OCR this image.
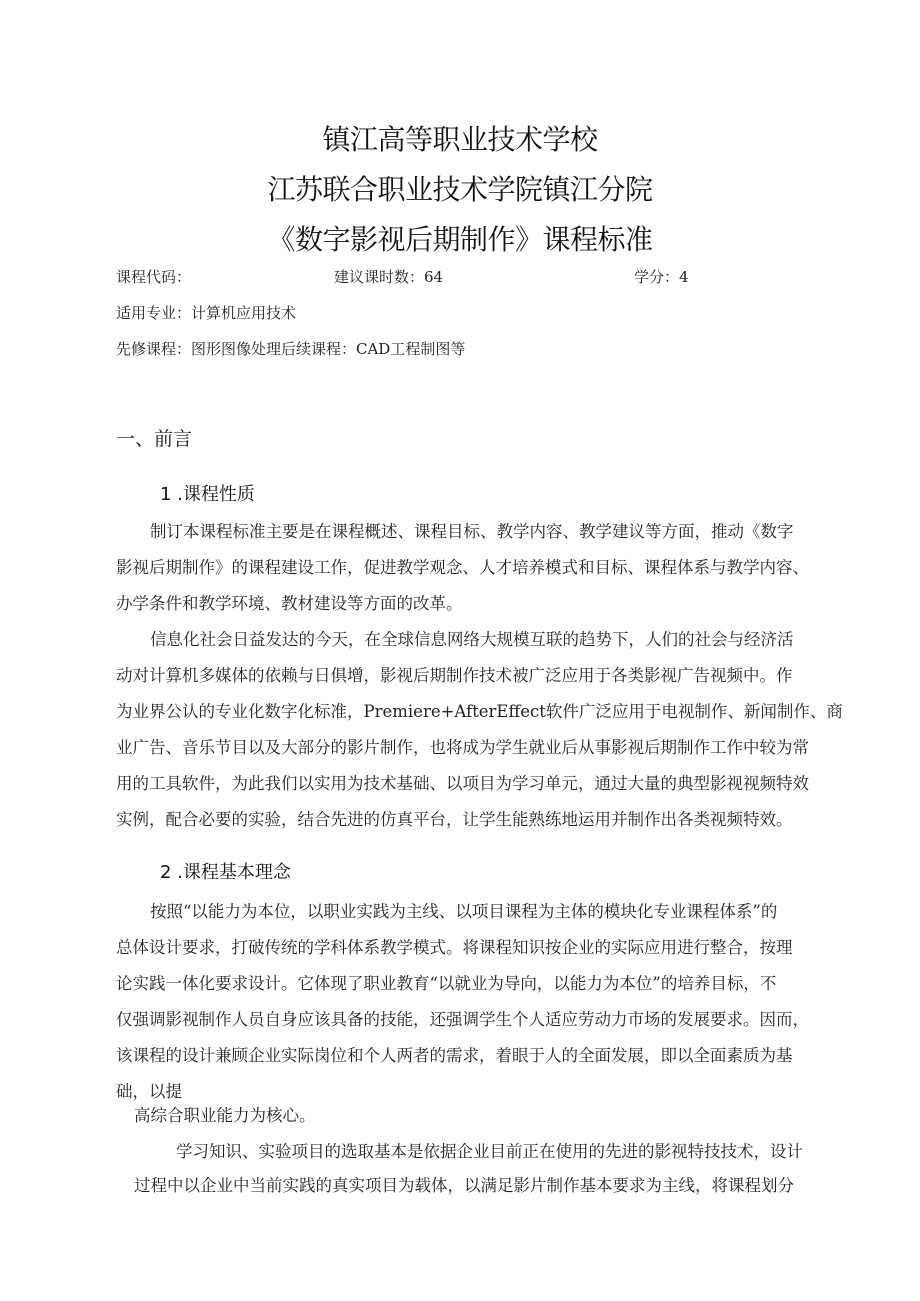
镇江高等职业技术学校
江苏联合职业技术学院镇江分院
《数字影视后期制作》课程标准
课程代码：	建议课时数：64	学分：4
适用专业：计算机应用技术
先修课程：图形图像处理后续课程：CAD工程制图等
一、前言
1 .课程性质
制订本课程标准主要是在课程概述、课程目标、教学内容、教学建议等方面，推动《数字
影视后期制作》的课程建设工作，促进教学观念、人才培养模式和目标、课程体系与教学内容、
办学条件和教学环境、教材建设等方面的改革。
信息化社会日益发达的今天，在全球信息网络大规模互联的趋势下，人们的社会与经济活
动对计算机多媒体的依赖与日俱增，影视后期制作技术被广泛应用于各类影视广告视频中。作
为业界公认的专业化数字化标准，Premiere+AfterEffect软件广泛应用于电视制作、新闻制作、商
业广告、音乐节目以及大部分的影片制作，也将成为学生就业后从事影视后期制作工作中较为常
用的工具软件，为此我们以实用为技术基础、以项目为学习单元，通过大量的典型影视视频特效
实例，配合必要的实验，结合先进的仿真平台，让学生能熟练地运用并制作出各类视频特效。
2 .课程基本理念
按照“以能力为本位，以职业实践为主线、以项目课程为主体的模块化专业课程体系”的
总体设计要求，打破传统的学科体系教学模式。将课程知识按企业的实际应用进行整合，按理
论实践一体化要求设计。它体现了职业教育“以就业为导向，以能力为本位”的培养目标，不
仅强调影视制作人员自身应该具备的技能，还强调学生个人适应劳动力市场的发展要求。因而，
该课程的设计兼顾企业实际岗位和个人两者的需求，着眼于人的全面发展，即以全面素质为基
础，以提
高综合职业能力为核心。
学习知识、实验项目的选取基本是依据企业目前正在使用的先进的影视特技技术，设计
过程中以企业中当前实践的真实项目为载体，以满足影片制作基本要求为主线，将课程划分
